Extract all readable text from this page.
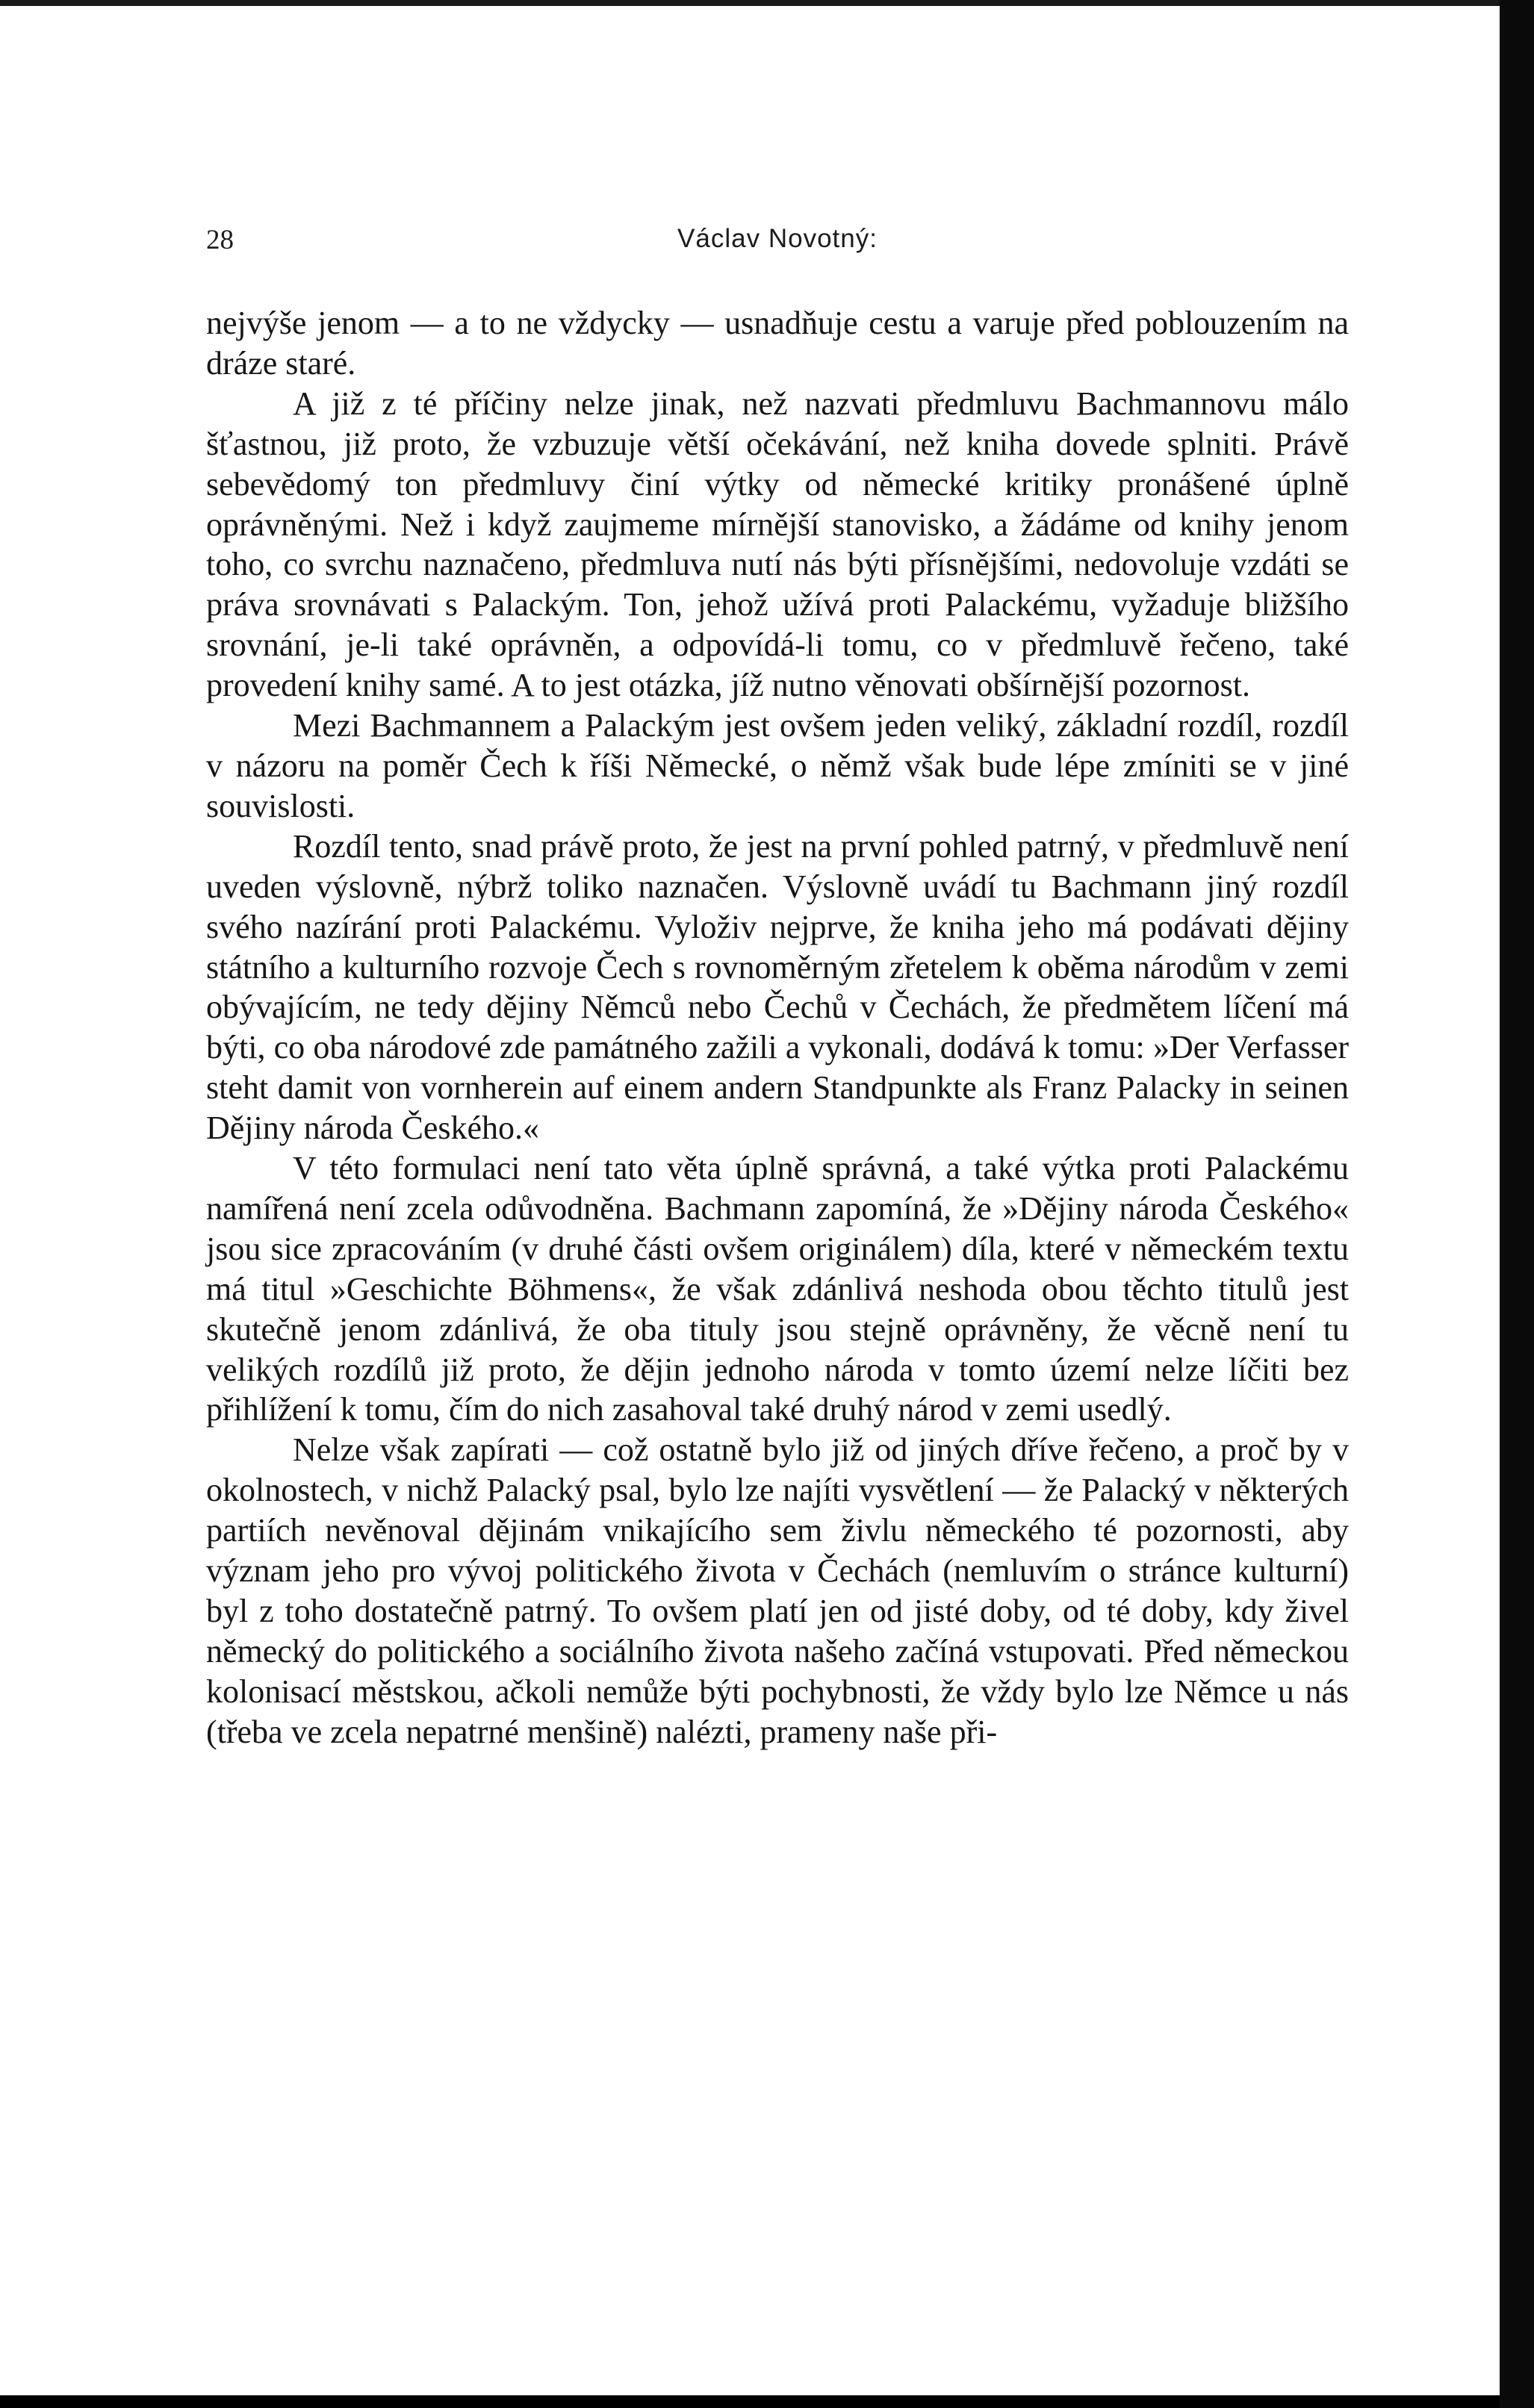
28	Václav Novotný:

nejvýše jenom — a to ne vždycky — usnadňuje cestu a varuje před poblouzením na dráze staré.

A již z té příčiny nelze jinak, než nazvati předmluvu Bachmannovu málo šťastnou, již proto, že vzbuzuje větší očekávání, než kniha dovede splniti. Právě sebevědomý ton předmluvy činí výtky od německé kritiky pronášené úplně oprávněnými. Než i když zaujmeme mírnější stanovisko, a žádáme od knihy jenom toho, co svrchu naznačeno, předmluva nutí nás býti přísnějšími, nedovoluje vzdáti se práva srovnávati s Palackým. Ton, jehož užívá proti Palackému, vyžaduje bližšího srovnání, je-li také oprávněn, a odpovídá-li tomu, co v předmluvě řečeno, také provedení knihy samé. A to jest otázka, jíž nutno věnovati obšírnější pozornost.

Mezi Bachmannem a Palackým jest ovšem jeden veliký, základní rozdíl, rozdíl v názoru na poměr Čech k říši Německé, o němž však bude lépe zmíniti se v jiné souvislosti.

Rozdíl tento, snad právě proto, že jest na první pohled patrný, v předmluvě není uveden výslovně, nýbrž toliko naznačen. Výslovně uvádí tu Bachmann jiný rozdíl svého nazírání proti Palackému. Vyloživ nejprve, že kniha jeho má podávati dějiny státního a kulturního rozvoje Čech s rovnoměrným zřetelem k oběma národům v zemi obývajícím, ne tedy dějiny Němců nebo Čechů v Čechách, že předmětem líčení má býti, co oba národové zde památného zažili a vykonali, dodává k tomu: »Der Verfasser steht damit von vornherein auf einem andern Standpunkte als Franz Palacky in seinen Dějiny národa Českého.«

V této formulaci není tato věta úplně správná, a také výtka proti Palackému namířená není zcela odůvodněna. Bachmann zapomíná, že »Dějiny národa Českého« jsou sice zpracováním (v druhé části ovšem originálem) díla, které v německém textu má titul »Geschichte Böhmens«, že však zdánlivá neshoda obou těchto titulů jest skutečně jenom zdánlivá, že oba tituly jsou stejně oprávněny, že věcně není tu velikých rozdílů již proto, že dějin jednoho národa v tomto území nelze líčiti bez přihlížení k tomu, čím do nich zasahoval také druhý národ v zemi usedlý.

Nelze však zapírati — což ostatně bylo již od jiných dříve řečeno, a proč by v okolnostech, v nichž Palacký psal, bylo lze najíti vysvětlení — že Palacký v některých partiích nevěnoval dějinám vnikajícího sem živlu německého té pozornosti, aby význam jeho pro vývoj politického života v Čechách (nemluvím o stránce kulturní) byl z toho dostatečně patrný. To ovšem platí jen od jisté doby, od té doby, kdy živel německý do politického a sociálního života našeho začíná vstupovati. Před německou kolonisací městskou, ačkoli nemůže býti pochybnosti, že vždy bylo lze Němce u nás (třeba ve zcela nepatrné menšině) nalézti, prameny naše při-
